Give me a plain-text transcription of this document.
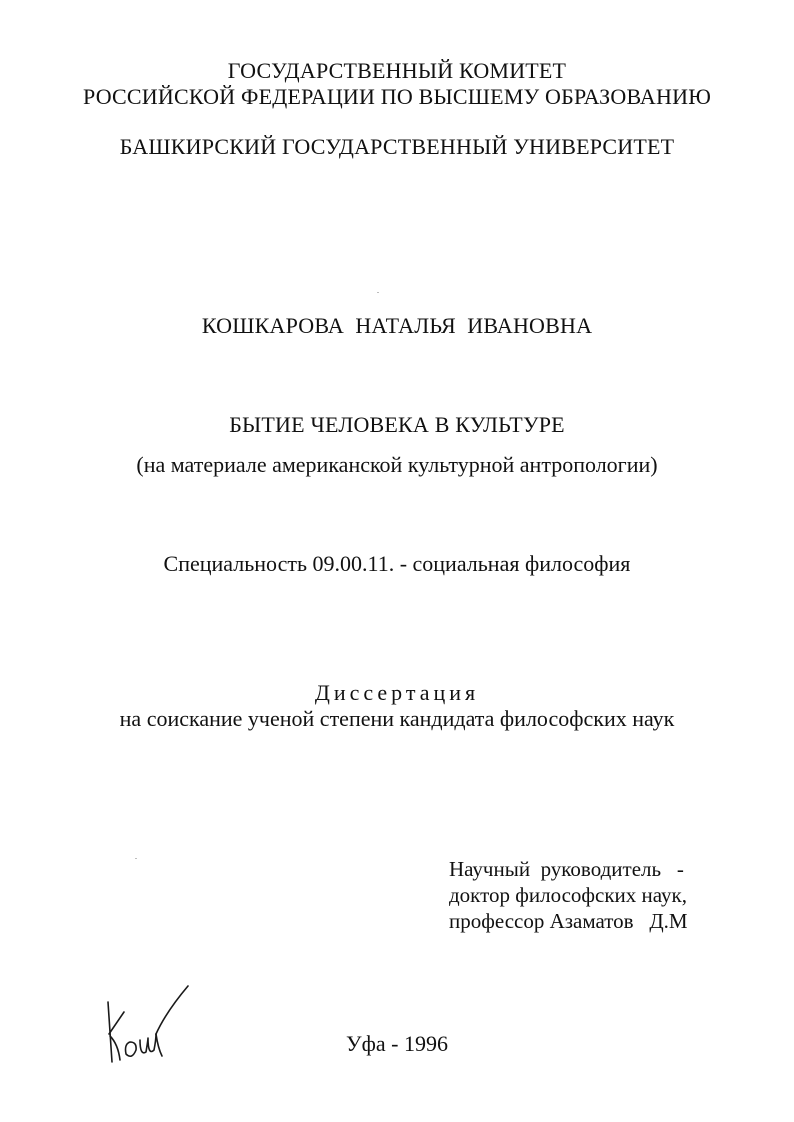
ГОСУДАРСТВЕННЫЙ КОМИТЕТ
РОССИЙСКОЙ ФЕДЕРАЦИИ ПО ВЫСШЕМУ ОБРАЗОВАНИЮ
БАШКИРСКИЙ ГОСУДАРСТВЕННЫЙ УНИВЕРСИТЕТ
КОШКАРОВА  НАТАЛЬЯ  ИВАНОВНА
БЫТИЕ ЧЕЛОВЕКА В КУЛЬТУРЕ
(на материале американской культурной антропологии)
Специальность 09.00.11. - социальная философия
Диссертация
на соискание ученой степени кандидата философских наук
Научный  руководитель   -
доктор философских наук,
профессор Азаматов   Д.М
Уфа - 1996
